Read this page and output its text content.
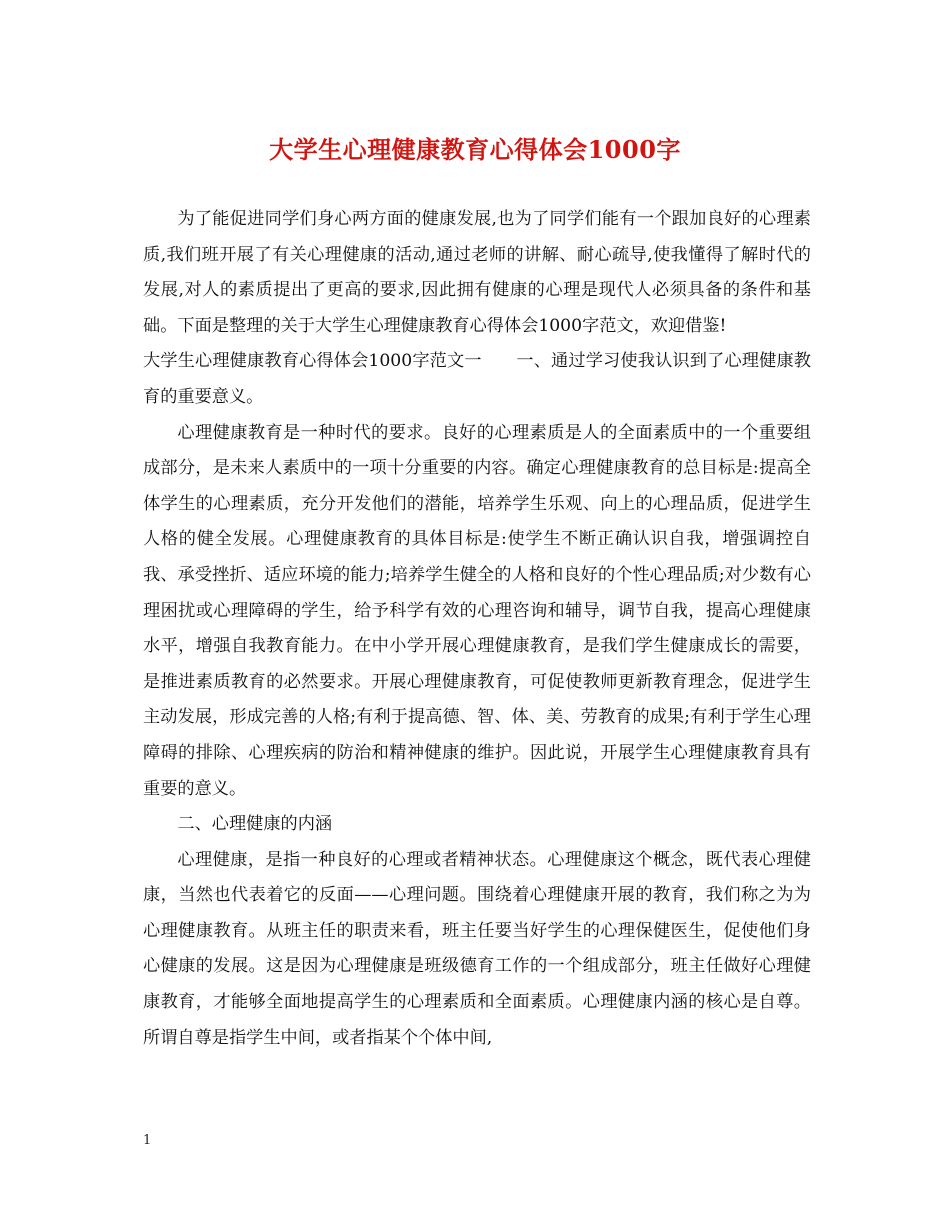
大学生心理健康教育心得体会1000字

为了能促进同学们身心两方面的健康发展,也为了同学们能有一个跟加良好的心理素质,我们班开展了有关心理健康的活动,通过老师的讲解、耐心疏导,使我懂得了解时代的发展,对人的素质提出了更高的要求,因此拥有健康的心理是现代人必须具备的条件和基础。下面是整理的关于大学生心理健康教育心得体会1000字范文，欢迎借鉴!

大学生心理健康教育心得体会1000字范文一　　一、通过学习使我认识到了心理健康教育的重要意义。

心理健康教育是一种时代的要求。良好的心理素质是人的全面素质中的一个重要组成部分，是未来人素质中的一项十分重要的内容。确定心理健康教育的总目标是:提高全体学生的心理素质，充分开发他们的潜能，培养学生乐观、向上的心理品质，促进学生人格的健全发展。心理健康教育的具体目标是:使学生不断正确认识自我，增强调控自我、承受挫折、适应环境的能力;培养学生健全的人格和良好的个性心理品质;对少数有心理困扰或心理障碍的学生，给予科学有效的心理咨询和辅导，调节自我，提高心理健康水平，增强自我教育能力。在中小学开展心理健康教育，是我们学生健康成长的需要，是推进素质教育的必然要求。开展心理健康教育，可促使教师更新教育理念，促进学生主动发展，形成完善的人格;有利于提高德、智、体、美、劳教育的成果;有利于学生心理障碍的排除、心理疾病的防治和精神健康的维护。因此说，开展学生心理健康教育具有重要的意义。

二、心理健康的内涵

心理健康，是指一种良好的心理或者精神状态。心理健康这个概念，既代表心理健康，当然也代表着它的反面——心理问题。围绕着心理健康开展的教育，我们称之为为心理健康教育。从班主任的职责来看，班主任要当好学生的心理保健医生，促使他们身心健康的发展。这是因为心理健康是班级德育工作的一个组成部分，班主任做好心理健康教育，才能够全面地提高学生的心理素质和全面素质。心理健康内涵的核心是自尊。所谓自尊是指学生中间，或者指某个个体中间,

1
